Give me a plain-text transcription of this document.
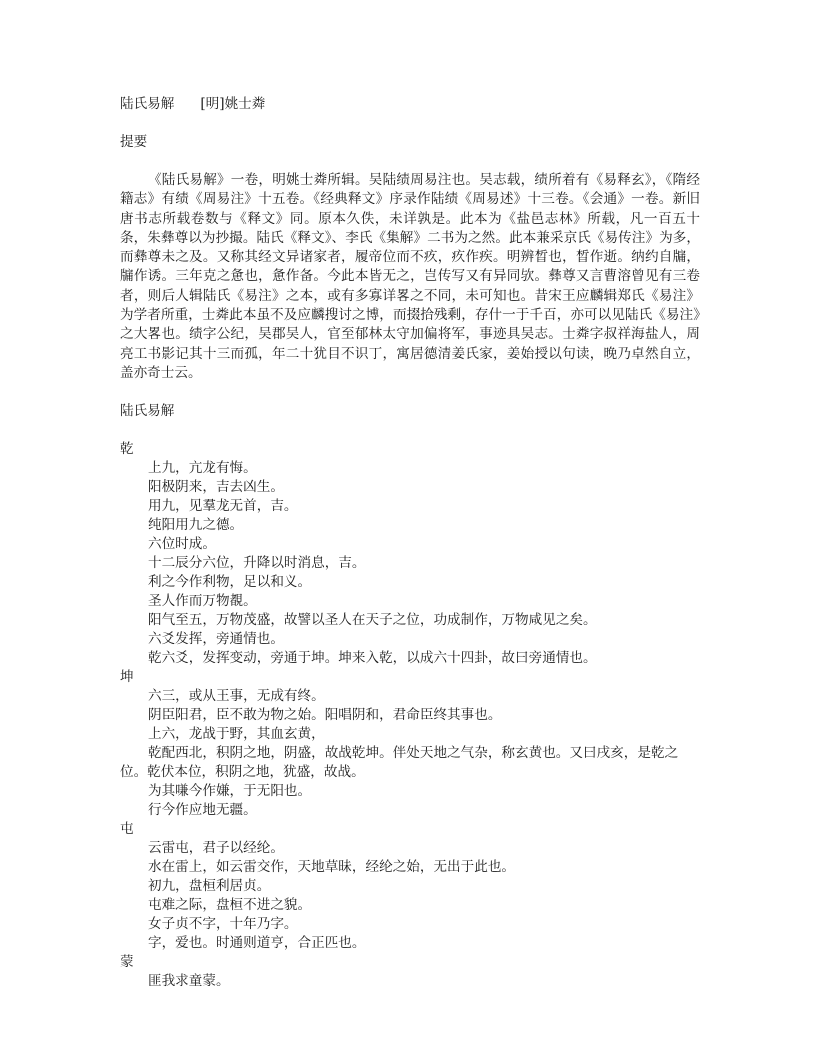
陆氏易解 [明]姚士粦
提要
《陆氏易解》一卷，明姚士粦所辑。吴陆绩周易注也。吴志载，绩所着有《易释玄》，《隋经籍志》有绩《周易注》十五卷。《经典释文》序录作陆绩《周易述》十三卷。《会通》一卷。新旧唐书志所载卷数与《释文》同。原本久佚，未详孰是。此本为《盐邑志林》所载，凡一百五十条，朱彝尊以为抄撮。陆氏《释文》、李氏《集解》二书为之然。此本兼采京氏《易传注》为多，而彝尊未之及。又称其经文异诸家者，履帝位而不疚，疚作疾。明辨晳也，晳作逝。纳约自牖，牖作诱。三年克之惫也，惫作备。今此本皆无之，岂传写又有异同欤。彝尊又言曹溶曾见有三卷者，则后人辑陆氏《易注》之本，或有多寡详畧之不同，未可知也。昔宋王应麟辑郑氏《易注》为学者所重，士粦此本虽不及应麟搜讨之博，而掇拾残剩，存什一于千百，亦可以见陆氏《易注》之大畧也。绩字公纪，吴郡吴人，官至郁林太守加偏将军，事迹具吴志。士粦字叔祥海盐人，周亮工书影记其十三而孤，年二十犹目不识丁，寓居德清姜氏家，姜始授以句读，晚乃卓然自立，盖亦奇士云。
陆氏易解
乾
上九，亢龙有悔。
阳极阴来，吉去凶生。
用九，见羣龙无首，吉。
纯阳用九之德。
六位时成。
十二辰分六位，升降以时消息，吉。
利之今作利物，足以和义。
圣人作而万物覩。
阳气至五，万物茂盛，故譬以圣人在天子之位，功成制作，万物咸见之矣。
六爻发挥，旁通情也。
乾六爻，发挥变动，旁通于坤。坤来入乾，以成六十四卦，故曰旁通情也。
坤
六三，或从王事，无成有终。
阴臣阳君，臣不敢为物之始。阳唱阴和，君命臣终其事也。
上六，龙战于野，其血玄黄，
乾配西北，积阴之地，阴盛，故战乾坤。伴处天地之气杂，称玄黄也。又曰戌亥，是乾之位。乾伏本位，积阴之地，犹盛，故战。
为其嗛今作嫌，于无阳也。
行今作应地无疆。
屯
云雷屯，君子以经纶。
水在雷上，如云雷交作，天地草昧，经纶之始，无出于此也。
初九，盘桓利居贞。
屯难之际，盘桓不进之貌。
女子贞不字，十年乃字。
字，爱也。时通则道亨，合正匹也。
蒙
匪我求童蒙。
